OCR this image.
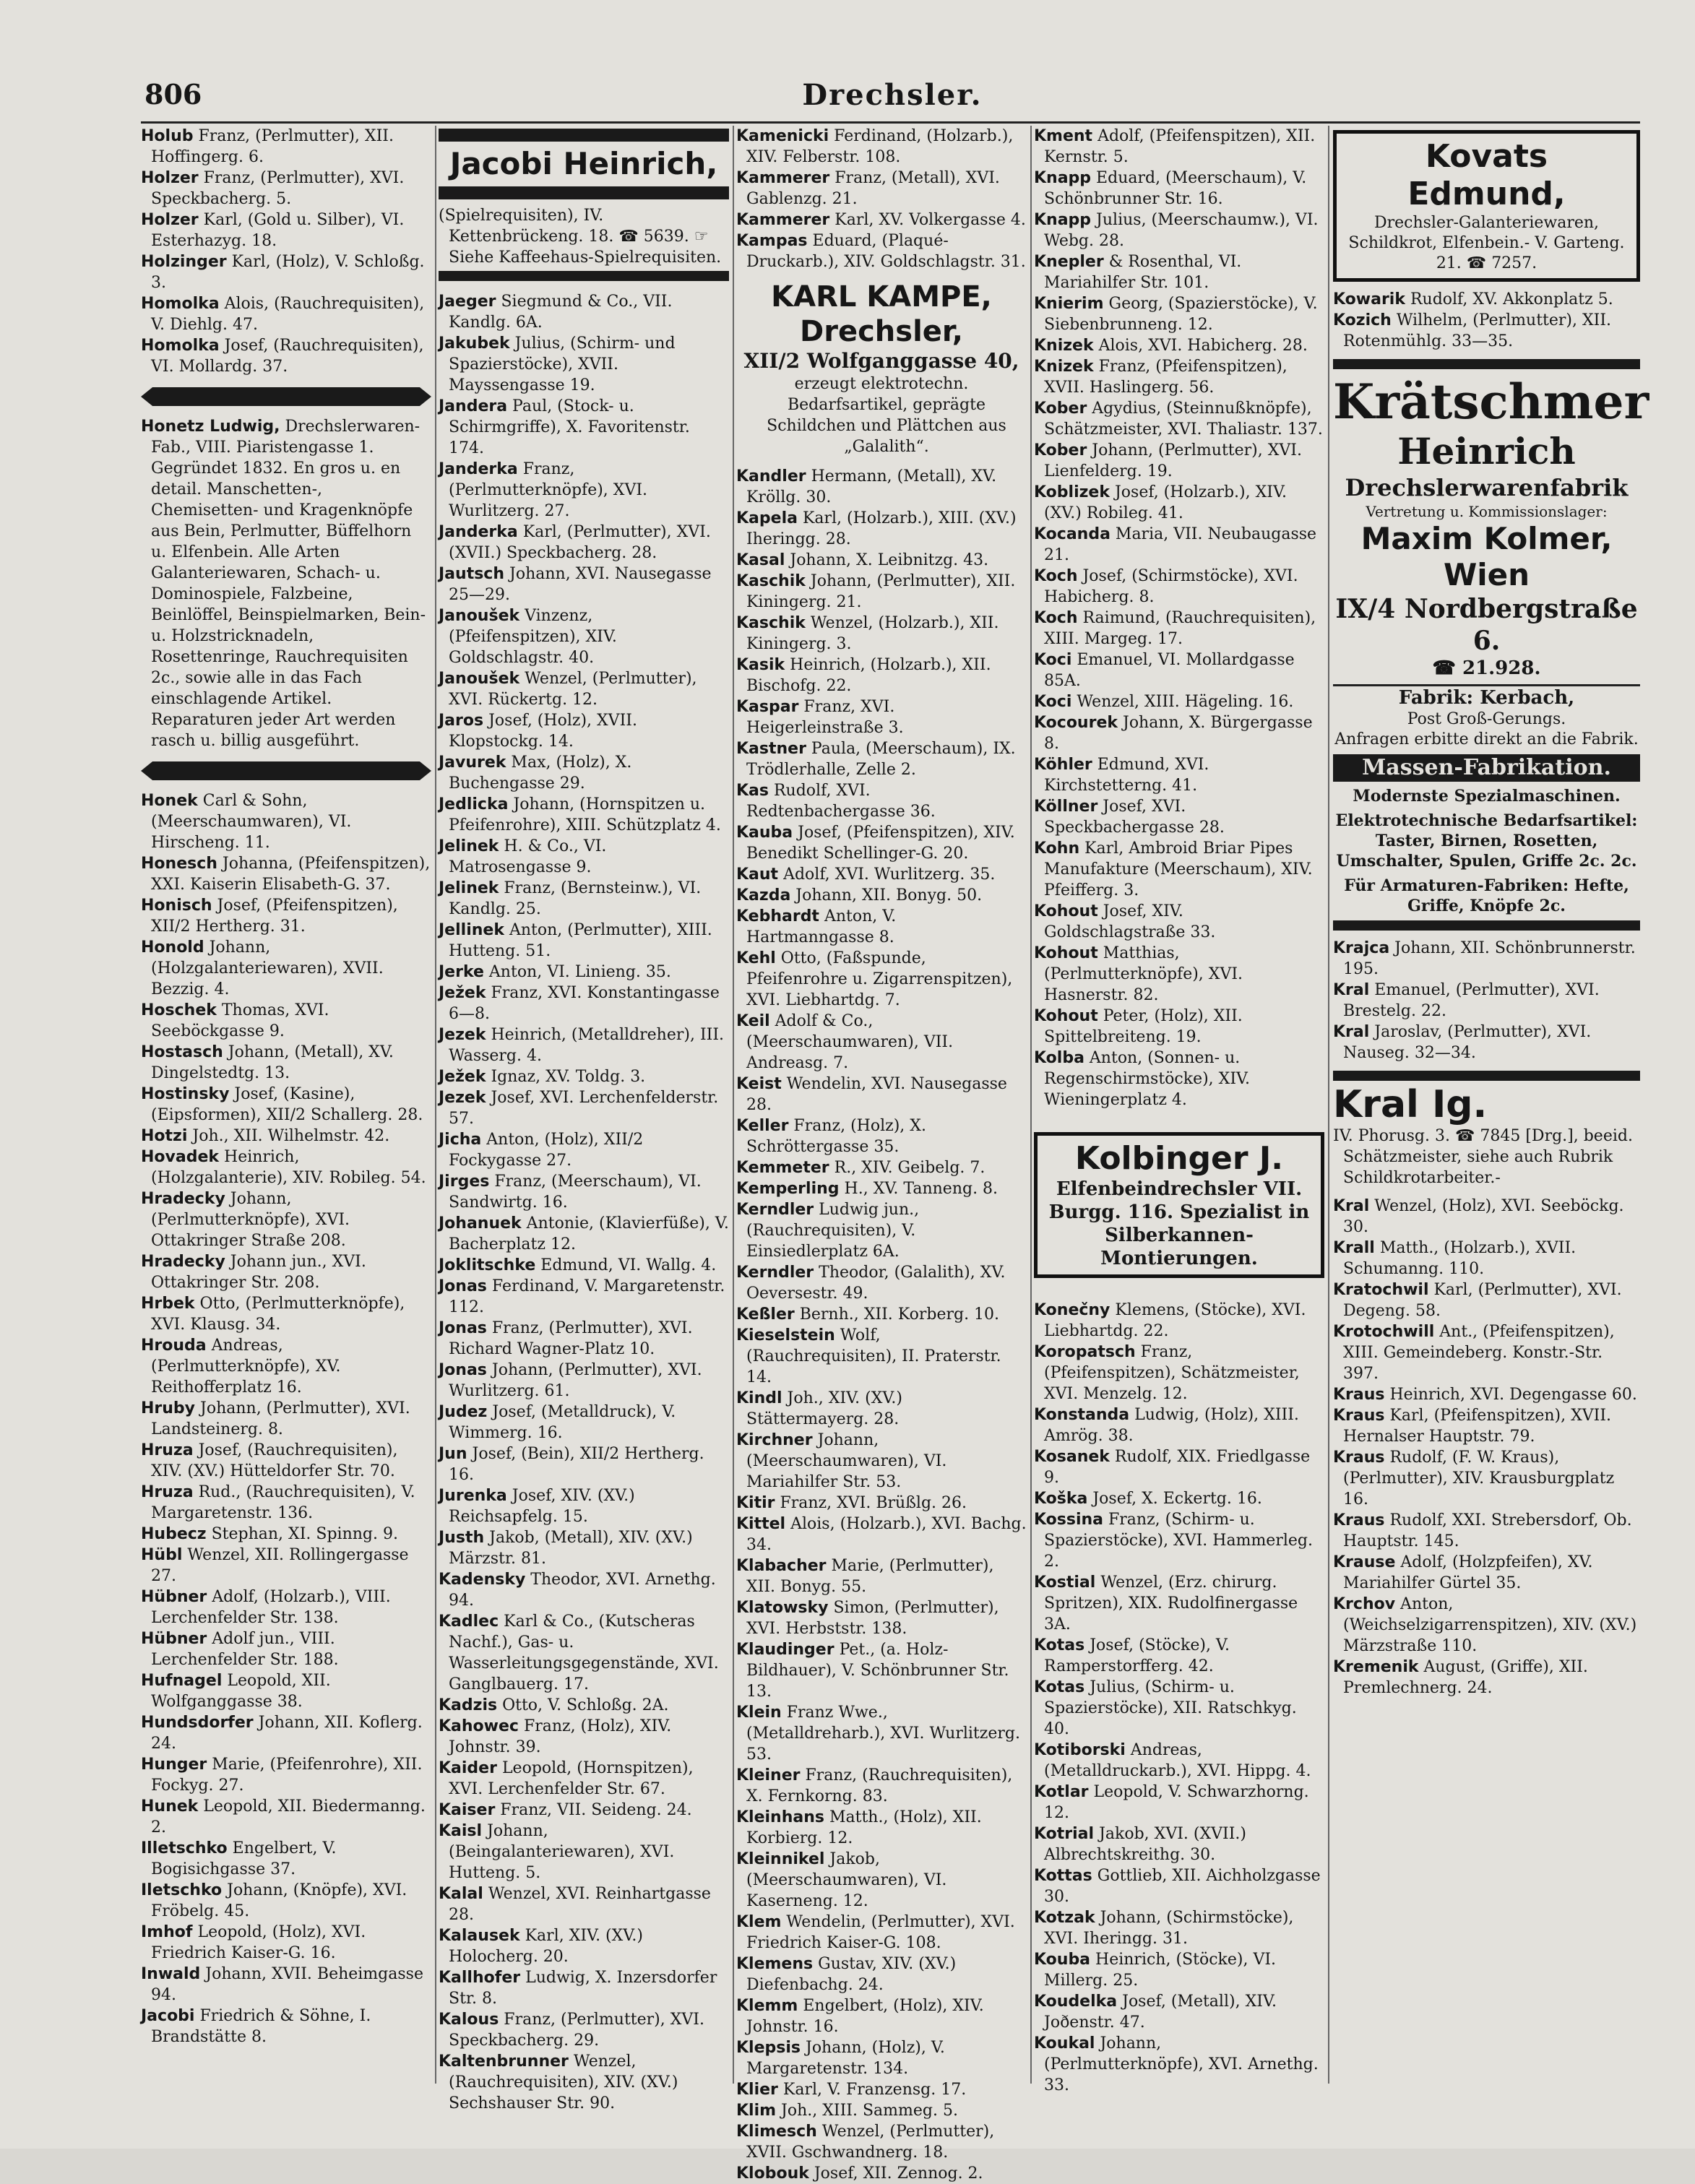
806	Drechsler.

Holub Franz, (Perlmutter), XII. Hoffingerg. 6.

Holzer Franz, (Perlmutter), XVI. Speckbacherg. 5.

Holzer Karl, (Gold u. Silber), VI. Esterhazyg. 18.

Holzinger Karl, (Holz), V. Schloßg. 3.

Homolka Alois, (Rauchrequisiten), V. Diehlg. 47.

Homolka Josef, (Rauchrequisiten), VI. Mollardg. 37.

Honetz Ludwig, Drechslerwaren-Fab., VIII. Piaristengasse 1. Gegründet 1832. En gros u. en detail. Manschetten-, Chemisetten- und Kragenknöpfe aus Bein, Perlmutter, Büffelhorn u. Elfenbein. Alle Arten Galanteriewaren, Schach- u. Dominospiele, Falzbeine, Beinlöffel, Beinspielmarken, Bein- u. Holzstricknadeln, Rosettenringe, Rauchrequisiten 2c., sowie alle in das Fach einschlagende Artikel. Reparaturen jeder Art werden rasch u. billig ausgeführt.

Honek Carl & Sohn, (Meerschaumwaren), VI. Hirscheng. 11.

Honesch Johanna, (Pfeifenspitzen), XXI. Kaiserin Elisabeth-G. 37.

Honisch Josef, (Pfeifenspitzen), XII/2 Hertherg. 31.

Honold Johann, (Holzgalanteriewaren), XVII. Bezzig. 4.

Hoschek Thomas, XVI. Seeböckgasse 9.

Hostasch Johann, (Metall), XV. Dingelstedtg. 13.

Hostinsky Josef, (Kasine), (Eipsformen), XII/2 Schallerg. 28.

Hotzi Joh., XII. Wilhelmstr. 42.

Hovadek Heinrich, (Holzgalanterie), XIV. Robileg. 54.

Hradecky Johann, (Perlmutterknöpfe), XVI. Ottakringer Straße 208.

Hradecky Johann jun., XVI. Ottakringer Str. 208.

Hrbek Otto, (Perlmutterknöpfe), XVI. Klausg. 34.

Hrouda Andreas, (Perlmutterknöpfe), XV. Reithofferplatz 16.

Hruby Johann, (Perlmutter), XVI. Landsteinerg. 8.

Hruza Josef, (Rauchrequisiten), XIV. (XV.) Hütteldorfer Str. 70.

Hruza Rud., (Rauchrequisiten), V. Margaretenstr. 136.

Hubecz Stephan, XI. Spinng. 9.

Hübl Wenzel, XII. Rollingergasse 27.

Hübner Adolf, (Holzarb.), VIII. Lerchenfelder Str. 138.

Hübner Adolf jun., VIII. Lerchenfelder Str. 188.

Hufnagel Leopold, XII. Wolfganggasse 38.

Hundsdorfer Johann, XII. Koflerg. 24.

Hunger Marie, (Pfeifenrohre), XII. Fockyg. 27.

Hunek Leopold, XII. Biedermanng. 2.

Illetschko Engelbert, V. Bogisichgasse 37.

Iletschko Johann, (Knöpfe), XVI. Fröbelg. 45.

Imhof Leopold, (Holz), XVI. Friedrich Kaiser-G. 16.

Inwald Johann, XVII. Beheimgasse 94.

Jacobi Friedrich & Söhne, I. Brandstätte 8.

Jacobi Heinrich,

(Spielrequisiten), IV. Kettenbrückeng. 18. ☎ 5639. ☞ Siehe Kaffeehaus-Spielrequisiten.

Jaeger Siegmund & Co., VII. Kandlg. 6A.

Jakubek Julius, (Schirm- und Spazierstöcke), XVII. Mayssengasse 19.

Jandera Paul, (Stock- u. Schirmgriffe), X. Favoritenstr. 174.

Janderka Franz, (Perlmutterknöpfe), XVI. Wurlitzerg. 27.

Janderka Karl, (Perlmutter), XVI. (XVII.) Speckbacherg. 28.

Jautsch Johann, XVI. Nausegasse 25—29.

Janoušek Vinzenz, (Pfeifenspitzen), XIV. Goldschlagstr. 40.

Janoušek Wenzel, (Perlmutter), XVI. Rückertg. 12.

Jaros Josef, (Holz), XVII. Klopstockg. 14.

Javurek Max, (Holz), X. Buchengasse 29.

Jedlicka Johann, (Hornspitzen u. Pfeifenrohre), XIII. Schützplatz 4.

Jelinek H. & Co., VI. Matrosengasse 9.

Jelinek Franz, (Bernsteinw.), VI. Kandlg. 25.

Jellinek Anton, (Perlmutter), XIII. Hutteng. 51.

Jerke Anton, VI. Linieng. 35.

Ježek Franz, XVI. Konstantingasse 6—8.

Jezek Heinrich, (Metalldreher), III. Wasserg. 4.

Ježek Ignaz, XV. Toldg. 3.

Jezek Josef, XVI. Lerchenfelderstr. 57.

Jicha Anton, (Holz), XII/2 Fockygasse 27.

Jirges Franz, (Meerschaum), VI. Sandwirtg. 16.

Johanuek Antonie, (Klavierfüße), V. Bacherplatz 12.

Joklitschke Edmund, VI. Wallg. 4.

Jonas Ferdinand, V. Margaretenstr. 112.

Jonas Franz, (Perlmutter), XVI. Richard Wagner-Platz 10.

Jonas Johann, (Perlmutter), XVI. Wurlitzerg. 61.

Judez Josef, (Metalldruck), V. Wimmerg. 16.

Jun Josef, (Bein), XII/2 Hertherg. 16.

Jurenka Josef, XIV. (XV.) Reichsapfelg. 15.

Justh Jakob, (Metall), XIV. (XV.) Märzstr. 81.

Kadensky Theodor, XVI. Arnethg. 94.

Kadlec Karl & Co., (Kutscheras Nachf.), Gas- u. Wasserleitungsgegenstände, XVI. Ganglbauerg. 17.

Kadzis Otto, V. Schloßg. 2A.

Kahowec Franz, (Holz), XIV. Johnstr. 39.

Kaider Leopold, (Hornspitzen), XVI. Lerchenfelder Str. 67.

Kaiser Franz, VII. Seideng. 24.

Kaisl Johann, (Beingalanteriewaren), XVI. Hutteng. 5.

Kalal Wenzel, XVI. Reinhartgasse 28.

Kalausek Karl, XIV. (XV.) Holocherg. 20.

Kallhofer Ludwig, X. Inzersdorfer Str. 8.

Kalous Franz, (Perlmutter), XVI. Speckbacherg. 29.

Kaltenbrunner Wenzel, (Rauchrequisiten), XIV. (XV.) Sechshauser Str. 90.

Kamenicki Ferdinand, (Holzarb.), XIV. Felberstr. 108.

Kammerer Franz, (Metall), XVI. Gablenzg. 21.

Kammerer Karl, XV. Volkergasse 4.

Kampas Eduard, (Plaqué-Druckarb.), XIV. Goldschlagstr. 31.

KARL KAMPE, Drechsler,
XII/2 Wolfganggasse 40,

erzeugt elektrotechn. Bedarfsartikel, geprägte Schildchen und Plättchen aus „Galalith“.

Kandler Hermann, (Metall), XV. Kröllg. 30.

Kapela Karl, (Holzarb.), XIII. (XV.) Iheringg. 28.

Kasal Johann, X. Leibnitzg. 43.

Kaschik Johann, (Perlmutter), XII. Kiningerg. 21.

Kaschik Wenzel, (Holzarb.), XII. Kiningerg. 3.

Kasik Heinrich, (Holzarb.), XII. Bischofg. 22.

Kaspar Franz, XVI. Heigerleinstraße 3.

Kastner Paula, (Meerschaum), IX. Trödlerhalle, Zelle 2.

Kas Rudolf, XVI. Redtenbachergasse 36.

Kauba Josef, (Pfeifenspitzen), XIV. Benedikt Schellinger-G. 20.

Kaut Adolf, XVI. Wurlitzerg. 35.

Kazda Johann, XII. Bonyg. 50.

Kebhardt Anton, V. Hartmanngasse 8.

Kehl Otto, (Faßspunde, Pfeifenrohre u. Zigarrenspitzen), XVI. Liebhartdg. 7.

Keil Adolf & Co., (Meerschaumwaren), VII. Andreasg. 7.

Keist Wendelin, XVI. Nausegasse 28.

Keller Franz, (Holz), X. Schröttergasse 35.

Kemmeter R., XIV. Geibelg. 7.

Kemperling H., XV. Tanneng. 8.

Kerndler Ludwig jun., (Rauchrequisiten), V. Einsiedlerplatz 6A.

Kerndler Theodor, (Galalith), XV. Oeversestr. 49.

Keßler Bernh., XII. Korberg. 10.

Kieselstein Wolf, (Rauchrequisiten), II. Praterstr. 14.

Kindl Joh., XIV. (XV.) Stättermayerg. 28.

Kirchner Johann, (Meerschaumwaren), VI. Mariahilfer Str. 53.

Kitir Franz, XVI. Brüßlg. 26.

Kittel Alois, (Holzarb.), XVI. Bachg. 34.

Klabacher Marie, (Perlmutter), XII. Bonyg. 55.

Klatowsky Simon, (Perlmutter), XVI. Herbststr. 138.

Klaudinger Pet., (a. Holz-Bildhauer), V. Schönbrunner Str. 13.

Klein Franz Wwe., (Metalldreharb.), XVI. Wurlitzerg. 53.

Kleiner Franz, (Rauchrequisiten), X. Fernkorng. 83.

Kleinhans Matth., (Holz), XII. Korbierg. 12.

Kleinnikel Jakob, (Meerschaumwaren), VI. Kaserneng. 12.

Klem Wendelin, (Perlmutter), XVI. Friedrich Kaiser-G. 108.

Klemens Gustav, XIV. (XV.) Diefenbachg. 24.

Klemm Engelbert, (Holz), XIV. Johnstr. 16.

Klepsis Johann, (Holz), V. Margaretenstr. 134.

Klier Karl, V. Franzensg. 17.

Klim Joh., XIII. Sammeg. 5.

Klimesch Wenzel, (Perlmutter), XVII. Gschwandnerg. 18.

Klobouk Josef, XII. Zennog. 2.

Kment Adolf, (Pfeifenspitzen), XII. Kernstr. 5.

Knapp Eduard, (Meerschaum), V. Schönbrunner Str. 16.

Knapp Julius, (Meerschaumw.), VI. Webg. 28.

Knepler & Rosenthal, VI. Mariahilfer Str. 101.

Knierim Georg, (Spazierstöcke), V. Siebenbrunneng. 12.

Knizek Alois, XVI. Habicherg. 28.

Knizek Franz, (Pfeifenspitzen), XVII. Haslingerg. 56.

Kober Agydius, (Steinnußknöpfe), Schätzmeister, XVI. Thaliastr. 137.

Kober Johann, (Perlmutter), XVI. Lienfelderg. 19.

Koblizek Josef, (Holzarb.), XIV. (XV.) Robileg. 41.

Kocanda Maria, VII. Neubaugasse 21.

Koch Josef, (Schirmstöcke), XVI. Habicherg. 8.

Koch Raimund, (Rauchrequisiten), XIII. Margeg. 17.

Koci Emanuel, VI. Mollardgasse 85A.

Koci Wenzel, XIII. Hägeling. 16.

Kocourek Johann, X. Bürgergasse 8.

Köhler Edmund, XVI. Kirchstetterng. 41.

Köllner Josef, XVI. Speckbachergasse 28.

Kohn Karl, Ambroid Briar Pipes Manufakture (Meerschaum), XIV. Pfeifferg. 3.

Kohout Josef, XIV. Goldschlagstraße 33.

Kohout Matthias, (Perlmutterknöpfe), XVI. Hasnerstr. 82.

Kohout Peter, (Holz), XII. Spittelbreiteng. 19.

Kolba Anton, (Sonnen- u. Regenschirmstöcke), XIV. Wieningerplatz 4.

Kolbinger J.
Elfenbeindrechsler VII. Burgg. 116. Spezialist in Silberkannen-Montierungen.

Konečny Klemens, (Stöcke), XVI. Liebhartdg. 22.

Koropatsch Franz, (Pfeifenspitzen), Schätzmeister, XVI. Menzelg. 12.

Konstanda Ludwig, (Holz), XIII. Amrög. 38.

Kosanek Rudolf, XIX. Friedlgasse 9.

Koška Josef, X. Eckertg. 16.

Kossina Franz, (Schirm- u. Spazierstöcke), XVI. Hammerleg. 2.

Kostial Wenzel, (Erz. chirurg. Spritzen), XIX. Rudolfinergasse 3A.

Kotas Josef, (Stöcke), V. Ramperstorfferg. 42.

Kotas Julius, (Schirm- u. Spazierstöcke), XII. Ratschkyg. 40.

Kotiborski Andreas, (Metalldruckarb.), XVI. Hippg. 4.

Kotlar Leopold, V. Schwarzhorng. 12.

Kotrial Jakob, XVI. (XVII.) Albrechtskreithg. 30.

Kottas Gottlieb, XII. Aichholzgasse 30.

Kotzak Johann, (Schirmstöcke), XVI. Iheringg. 31.

Kouba Heinrich, (Stöcke), VI. Millerg. 25.

Koudelka Josef, (Metall), XIV. Joðenstr. 47.

Koukal Johann, (Perlmutterknöpfe), XVI. Arnethg. 33.

Kovats Edmund,
Drechsler-Galanteriewaren, Schildkrot, Elfenbein.- V. Garteng. 21. ☎ 7257.

Kowarik Rudolf, XV. Akkonplatz 5.

Kozich Wilhelm, (Perlmutter), XII. Rotenmühlg. 33—35.

Krätschmer
Heinrich
Drechslerwarenfabrik
Vertretung u. Kommissionslager:
Maxim Kolmer, Wien
IX/4 Nordbergstraße 6.
☎ 21.928.
Fabrik: Kerbach,
Post Groß-Gerungs.
Anfragen erbitte direkt an die Fabrik.
Massen-Fabrikation.
Modernste Spezialmaschinen.
Elektrotechnische Bedarfsartikel: Taster, Birnen, Rosetten, Umschalter, Spulen, Griffe 2c. 2c.
Für Armaturen-Fabriken: Hefte, Griffe, Knöpfe 2c.

Krajca Johann, XII. Schönbrunnerstr. 195.

Kral Emanuel, (Perlmutter), XVI. Brestelg. 22.

Kral Jaroslav, (Perlmutter), XVI. Nauseg. 32—34.

Kral Ig.

IV. Phorusg. 3. ☎ 7845 [Drg.], beeid. Schätzmeister, siehe auch Rubrik Schildkrotarbeiter.-

Kral Wenzel, (Holz), XVI. Seeböckg. 30.

Krall Matth., (Holzarb.), XVII. Schumanng. 110.

Kratochwil Karl, (Perlmutter), XVI. Degeng. 58.

Krotochwill Ant., (Pfeifenspitzen), XIII. Gemeindeberg. Konstr.-Str. 397.

Kraus Heinrich, XVI. Degengasse 60.

Kraus Karl, (Pfeifenspitzen), XVII. Hernalser Hauptstr. 79.

Kraus Rudolf, (F. W. Kraus), (Perlmutter), XIV. Krausburgplatz 16.

Kraus Rudolf, XXI. Strebersdorf, Ob. Hauptstr. 145.

Krause Adolf, (Holzpfeifen), XV. Mariahilfer Gürtel 35.

Krchov Anton, (Weichselzigarrenspitzen), XIV. (XV.) Märzstraße 110.

Kremenik August, (Griffe), XII. Premlechnerg. 24.
